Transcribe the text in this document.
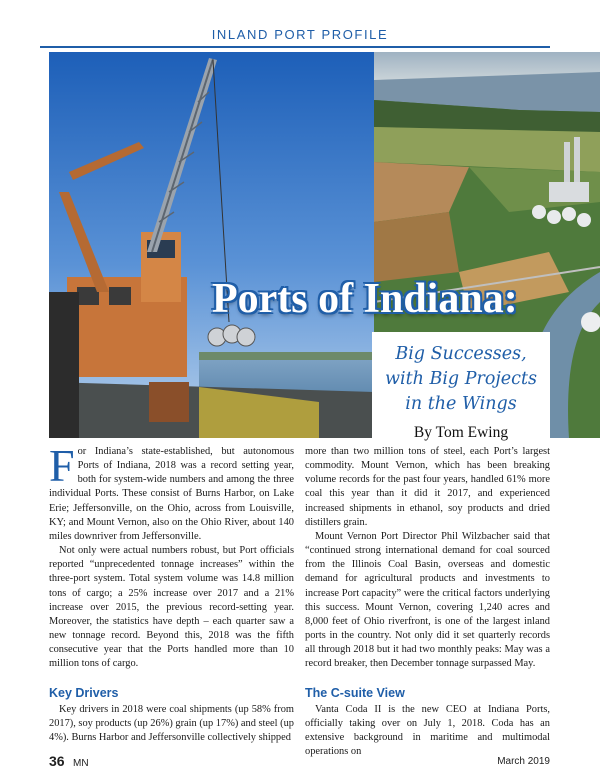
INLAND PORT PROFILE
Ports of Indiana:

Big Successes,
with Big Projects
in the Wings

By Tom Ewing

For Indiana’s state-established, but autonomous Ports of Indiana, 2018 was a record setting year, both for system-wide numbers and among the three individual Ports. These consist of Burns Harbor, on Lake Erie; Jeffersonville, on the Ohio, across from Louisville, KY; and Mount Vernon, also on the Ohio River, about 140 miles downriver from Jeffersonville.

Not only were actual numbers robust, but Port officials reported “unprecedented tonnage increases” within the three-port system. Total system volume was 14.8 million tons of cargo; a 25% increase over 2017 and a 21% increase over 2015, the previous record-setting year. Moreover, the statistics have depth – each quarter saw a new tonnage record. Beyond this, 2018 was the fifth consecutive year that the Ports handled more than 10 million tons of cargo.

Key Drivers

Key drivers in 2018 were coal shipments (up 58% from 2017), soy products (up 26%) grain (up 17%) and steel (up 4%). Burns Harbor and Jeffersonville collectively shipped

more than two million tons of steel, each Port’s largest commodity. Mount Vernon, which has been breaking volume records for the past four years, handled 61% more coal this year than it did it 2017, and experienced increased shipments in ethanol, soy products and dried distillers grain.

Mount Vernon Port Director Phil Wilzbacher said that “continued strong international demand for coal sourced from the Illinois Coal Basin, overseas and domestic demand for agricultural products and investments to increase Port capacity” were the critical factors underlying this success. Mount Vernon, covering 1,240 acres and 8,000 feet of Ohio riverfront, is one of the largest inland ports in the country. Not only did it set quarterly records all through 2018 but it had two monthly peaks: May was a record breaker, then December tonnage surpassed May.

The C-suite View

Vanta Coda II is the new CEO at Indiana Ports, officially taking over on July 1, 2018. Coda has an extensive background in maritime and multimodal operations on

36 MN	March 2019
